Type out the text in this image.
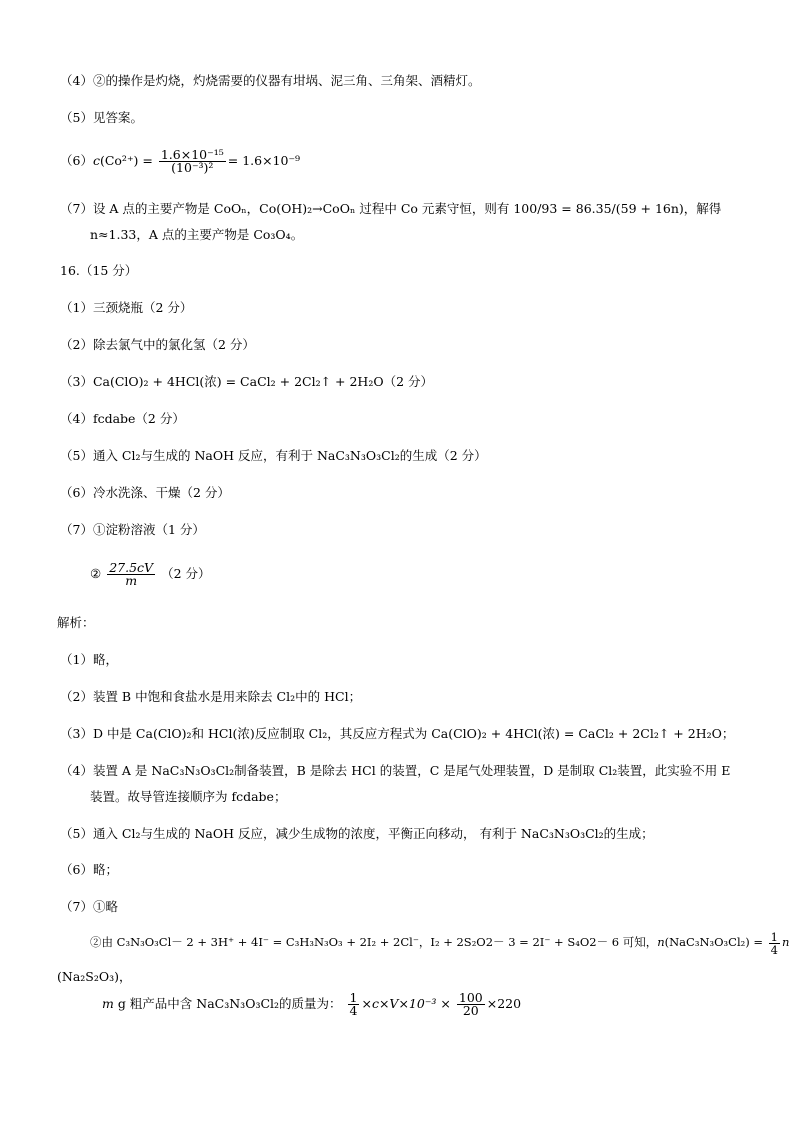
（4）②的操作是灼烧，灼烧需要的仪器有坩埚、泥三角、三角架、酒精灯。
（5）见答案。
$(6)c(Co^{2+}) = \frac{\text{1.6×10⁻¹⁵}}{\text{(10⁻³)²}} = 1.6\times 10^{-9}$
（7）设 A 点的主要产物是 CoOₙ，Co(OH)₂→CoOₙ 过程中 Co 元素守恒，则有 100/93 = 86.35/(59 + 16n)，解得
n≈1.33，A 点的主要产物是 Co₃O₄。
16.（15 分）
（1）三颈烧瓶（2 分）
（2）除去氯气中的氯化氢（2 分）
（3）Ca(ClO)₂ + 4HCl(浓) = CaCl₂ + 2Cl₂↑ + 2H₂O（2 分）
（4）fcdabe（2 分）
（5）通入 Cl₂与生成的 NaOH 反应，有利于 NaC₃N₃O₃Cl₂的生成（2 分）
（6）冷水洗涤、干燥（2 分）
（7）①淀粉溶液（1 分）
② $\frac{27.5cV}{m} (2$ 分）
解析：
（1）略，
（2）装置 B 中饱和食盐水是用来除去 Cl₂中的 HCl；
（3）D 中是 Ca(ClO)₂和 HCl(浓)反应制取 Cl₂，其反应方程式为 Ca(ClO)₂ + 4HCl(浓) = CaCl₂ + 2Cl₂↑ + 2H₂O；
（4）装置 A 是 NaC₃N₃O₃Cl₂制备装置，B 是除去 HCl 的装置，C 是尾气处理装置，D 是制取 Cl₂装置，此实验不用 E
装置。故导管连接顺序为 fcdabe；
（5）通入 Cl₂与生成的 NaOH 反应，减少生成物的浓度，平衡正向移动， 有利于 NaC₃N₃O₃Cl₂的生成；
（6）略；
（7）①略
②由 C₃N₃O₃Cl－ 2 + 3H⁺ + 4I⁻ = C₃H₃N₃O₃ + 2I₂ + 2Cl⁻，I₂ + 2S₂O2－ 3 = 2I⁻ + S₄O2－ 6 可知，$n(NaC_3N_3O_3Cl_2) = \frac{1}{4}$ n
(Na₂S₂O₃)，
m g 粗产品中含 NaC₃N₃O₃Cl₂的质量为： $\frac{1}{4} \times c\times V\times 10^{-3} \times \frac{100}{20} \times 220$
